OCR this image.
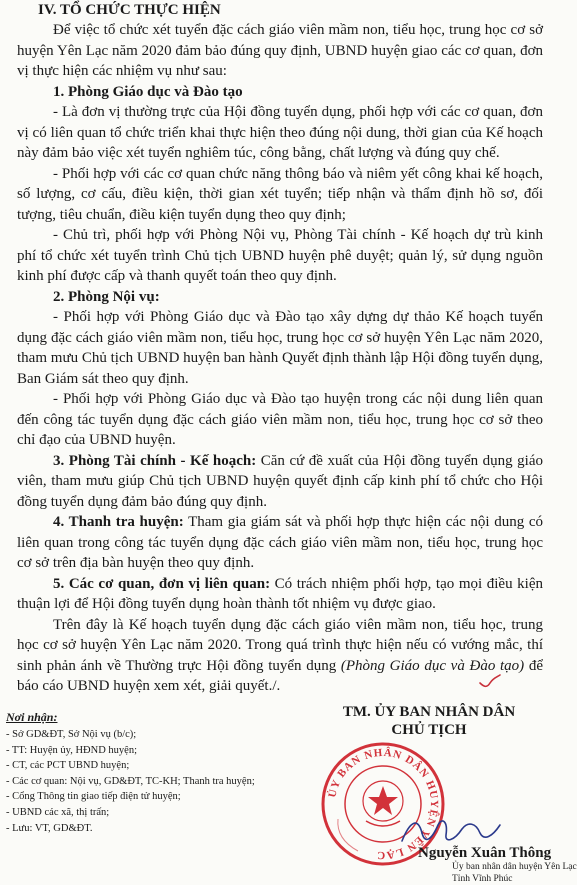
IV. TỔ CHỨC THỰC HIỆN

Để việc tổ chức xét tuyển đặc cách giáo viên mầm non, tiểu học, trung học cơ sở huyện Yên Lạc năm 2020 đảm bảo đúng quy định, UBND huyện giao các cơ quan, đơn vị thực hiện các nhiệm vụ như sau:

1. Phòng Giáo dục và Đào tạo

- Là đơn vị thường trực của Hội đồng tuyển dụng, phối hợp với các cơ quan, đơn vị có liên quan tổ chức triển khai thực hiện theo đúng nội dung, thời gian của Kế hoạch này đảm bảo việc xét tuyển nghiêm túc, công bằng, chất lượng và đúng quy chế.

- Phối hợp với các cơ quan chức năng thông báo và niêm yết công khai kế hoạch, số lượng, cơ cấu, điều kiện, thời gian xét tuyển; tiếp nhận và thẩm định hồ sơ, đối tượng, tiêu chuẩn, điều kiện tuyển dụng theo quy định;

- Chủ trì, phối hợp với Phòng Nội vụ, Phòng Tài chính - Kế hoạch dự trù kinh phí tổ chức xét tuyển trình Chủ tịch UBND huyện phê duyệt; quản lý, sử dụng nguồn kinh phí được cấp và thanh quyết toán theo quy định.

2. Phòng Nội vụ:

- Phối hợp với Phòng Giáo dục và Đào tạo xây dựng dự thảo Kế hoạch tuyển dụng đặc cách giáo viên mầm non, tiểu học, trung học cơ sở huyện Yên Lạc năm 2020, tham mưu Chủ tịch UBND huyện ban hành Quyết định thành lập Hội đồng tuyển dụng, Ban Giám sát theo quy định.

- Phối hợp với Phòng Giáo dục và Đào tạo huyện trong các nội dung liên quan đến công tác tuyển dụng đặc cách giáo viên mầm non, tiểu học, trung học cơ sở theo chỉ đạo của UBND huyện.

3. Phòng Tài chính - Kế hoạch: Căn cứ đề xuất của Hội đồng tuyển dụng giáo viên, tham mưu giúp Chủ tịch UBND huyện quyết định cấp kinh phí tổ chức cho Hội đồng tuyển dụng đảm bảo đúng quy định.

4. Thanh tra huyện: Tham gia giám sát và phối hợp thực hiện các nội dung có liên quan trong công tác tuyển dụng đặc cách giáo viên mầm non, tiểu học, trung học cơ sở trên địa bàn huyện theo quy định.

5. Các cơ quan, đơn vị liên quan: Có trách nhiệm phối hợp, tạo mọi điều kiện thuận lợi để Hội đồng tuyển dụng hoàn thành tốt nhiệm vụ được giao.

Trên đây là Kế hoạch tuyển dụng đặc cách giáo viên mầm non, tiểu học, trung học cơ sở huyện Yên Lạc năm 2020. Trong quá trình thực hiện nếu có vướng mắc, thí sinh phản ánh về Thường trực Hội đồng tuyển dụng (Phòng Giáo dục và Đào tạo) để báo cáo UBND huyện xem xét, giải quyết./.

Nơi nhận:
- Sở GD&ĐT, Sở Nội vụ (b/c);
- TT: Huyện ủy, HĐND huyện;
- CT, các PCT UBND huyện;
- Các cơ quan: Nội vụ, GD&ĐT, TC-KH; Thanh tra huyện;
- Cổng Thông tin giao tiếp điện tử huyện;
- UBND các xã, thị trấn;
- Lưu: VT, GD&ĐT.
TM. ỦY BAN NHÂN DÂN
CHỦ TỊCH
ỦY BAN NHÂN DÂN HUYỆN YÊN LẠC	Nguyễn Xuân Thông
Ủy ban nhân dân huyện Yên Lạc
Tỉnh Vĩnh Phúc
